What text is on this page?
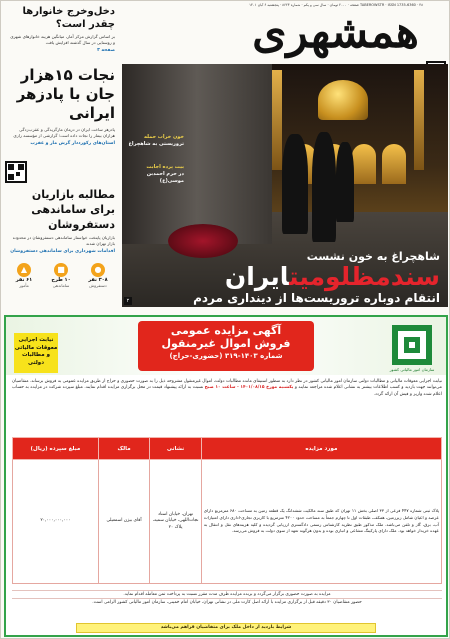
TABEROWSTR · ISSN 1735-6360 · ۴۸ صفحه · ۲۰۰۰ تومان · سال سی و یکم · شماره ۸۶۲۳ · پنجشنبه ۶ آبان ۱۴۰۱
همشهری
دخل‌وخرج خانوارها چقدر است؟
بر اساس گزارش مرکز آمار، میانگین هزینه خانوارهای شهری و روستایی در سال گذشته افزایش یافت
صفحه ۳
نجات ۱۵هزار جان با پادزهر ایرانی
پادزهر ساخت ایران در درمان مارگزیدگی و عقرب‌زدگی هزاران بیمار را نجات داده است؛ گزارشی از مؤسسه رازی
استان‌های رکورددار گزش مار و عقرب
مطالبه بازاریان برای ساماندهی دستفروشان
بازاریان پایتخت خواستار ساماندهی دستفروشان در محدوده بازار تهران شدند
اقدامات شهرداری برای ساماندهی دستفروشان
●
۳۰۸ نفر
دستفروش
■
۱۰ طرح
ساماندهی
▲
۶۱ نفر
مأمور
خون خراب حمله
تروریستی به شاهچراغ
بیت پرده اجابت
در حرم احمدبن موسی(ع)
۲
شاهچراغ به خون نشست
سندمظلومیتایران
انتقام دوباره تروریست‌ها از دینداری مردم
نیابت اجرایی
معوقات مالیاتی
و مطالبات دولتی
آگهی مزایده عمومی
فروش اموال غیرمنقول
شماره ۱۴۰۳-۳۱۹ (حضوری-حراج)
سازمان امور مالیاتی کشور
نیابت اجرایی معوقات مالیاتی و مطالبات دولتی سازمان امور مالیاتی کشور در نظر دارد به منظور استیفای مانده مطالبات دولت، اموال غیرمنقول مشروحه ذیل را به صورت حضوری و حراج از طریق مزایده عمومی به فروش برساند. متقاضیان می‌توانند جهت بازدید و کسب اطلاعات بیشتر به نشانی اعلام شده مراجعه نمایند و یکشنبه مورخ ۱۴۰۱/۰۸/۱۵ · ساعت ۱۰ صبح نسبت به ارائه پیشنهاد قیمت در محل برگزاری مزایده اقدام نمایند. مبلغ سپرده شرکت در مزایده به حساب اعلام شده واریز و فیش آن ارائه گردد.
مورد مزایده	نشانی	مالک	مبلغ سپرده (ریال)
پلاک ثبتی شماره ۴۴۷ فرعی از ۳۳ اصلی بخش ۱۱ تهران که طبق سند مالکیت ششدانگ یک قطعه زمین به مساحت ۶۸۰ مترمربع دارای عرصه و اعیان شامل زیرزمین، همکف، طبقات اول تا چهارم جمعاً به مساحت حدود ۴۲۰۰ مترمربع با کاربری تجاری-اداری دارای امتیازات آب، برق، گاز و تلفن می‌باشد. ملک مذکور طبق نظریه کارشناس رسمی دادگستری ارزیابی گردیده و کلیه هزینه‌های نقل و انتقال به عهده خریدار خواهد بود. ملک دارای پارکینگ مشاعی و انباری بوده و بدون هرگونه تعهد از سوی دولت به فروش می‌رسد.	تهران، خیابان استاد نجات‌اللهی، خیابان سمیه، پلاک ۲۰	آقای بیژن اسمعیلی	۲۰,۰۰۰,۰۰۰,۰۰۰
مزایده به صورت حضوری برگزار می‌گردد و برنده مزایده ظرف مدت مقرر نسبت به پرداخت ثمن معامله اقدام نماید.
حضور متقاضیان ۳۰ دقیقه قبل از برگزاری مزایده با ارائه اصل کارت ملی در نشانی تهران، خیابان امام خمینی، سازمان امور مالیاتی کشور الزامی است.
شرایط بازدید از داخل ملک برای متقاضیان فراهم می‌باشد
